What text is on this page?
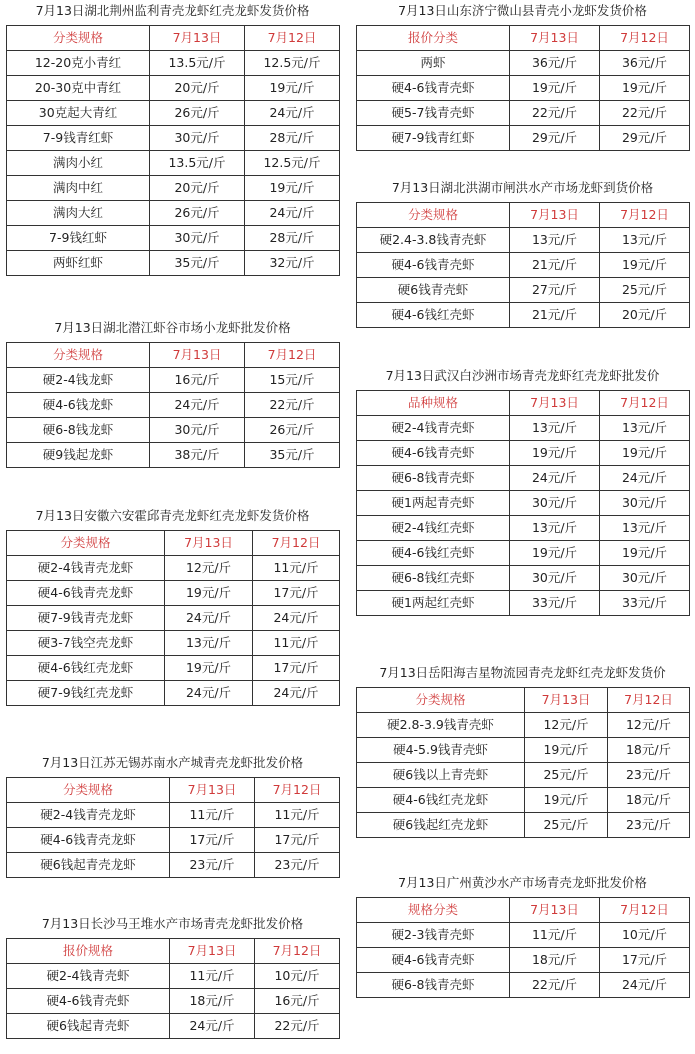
7月13日湖北荆州监利青壳龙虾红壳龙虾发货价格
分类规格	7月13日	7月12日
12-20克小青红	13.5元/斤	12.5元/斤
20-30克中青红	20元/斤	19元/斤
30克起大青红	26元/斤	24元/斤
7-9钱青红虾	30元/斤	28元/斤
满肉小红	13.5元/斤	12.5元/斤
满肉中红	20元/斤	19元/斤
满肉大红	26元/斤	24元/斤
7-9钱红虾	30元/斤	28元/斤
两虾红虾	35元/斤	32元/斤
7月13日湖北潜江虾谷市场小龙虾批发价格
分类规格	7月13日	7月12日
硬2-4钱龙虾	16元/斤	15元/斤
硬4-6钱龙虾	24元/斤	22元/斤
硬6-8钱龙虾	30元/斤	26元/斤
硬9钱起龙虾	38元/斤	35元/斤
7月13日安徽六安霍邱青壳龙虾红壳龙虾发货价格
分类规格	7月13日	7月12日
硬2-4钱青壳龙虾	12元/斤	11元/斤
硬4-6钱青壳龙虾	19元/斤	17元/斤
硬7-9钱青壳龙虾	24元/斤	24元/斤
硬3-7钱空壳龙虾	13元/斤	11元/斤
硬4-6钱红壳龙虾	19元/斤	17元/斤
硬7-9钱红壳龙虾	24元/斤	24元/斤
7月13日江苏无锡苏南水产城青壳龙虾批发价格
分类规格	7月13日	7月12日
硬2-4钱青壳龙虾	11元/斤	11元/斤
硬4-6钱青壳龙虾	17元/斤	17元/斤
硬6钱起青壳龙虾	23元/斤	23元/斤
7月13日长沙马王堆水产市场青壳龙虾批发价格
报价规格	7月13日	7月12日
硬2-4钱青壳虾	11元/斤	10元/斤
硬4-6钱青壳虾	18元/斤	16元/斤
硬6钱起青壳虾	24元/斤	22元/斤
7月13日山东济宁微山县青壳小龙虾发货价格
报价分类	7月13日	7月12日
两虾	36元/斤	36元/斤
硬4-6钱青壳虾	19元/斤	19元/斤
硬5-7钱青壳虾	22元/斤	22元/斤
硬7-9钱青红虾	29元/斤	29元/斤
7月13日湖北洪湖市闸洪水产市场龙虾到货价格
分类规格	7月13日	7月12日
硬2.4-3.8钱青壳虾	13元/斤	13元/斤
硬4-6钱青壳虾	21元/斤	19元/斤
硬6钱青壳虾	27元/斤	25元/斤
硬4-6钱红壳虾	21元/斤	20元/斤
7月13日武汉白沙洲市场青壳龙虾红壳龙虾批发价
品种规格	7月13日	7月12日
硬2-4钱青壳虾	13元/斤	13元/斤
硬4-6钱青壳虾	19元/斤	19元/斤
硬6-8钱青壳虾	24元/斤	24元/斤
硬1两起青壳虾	30元/斤	30元/斤
硬2-4钱红壳虾	13元/斤	13元/斤
硬4-6钱红壳虾	19元/斤	19元/斤
硬6-8钱红壳虾	30元/斤	30元/斤
硬1两起红壳虾	33元/斤	33元/斤
7月13日岳阳海吉星物流园青壳龙虾红壳龙虾发货价
分类规格	7月13日	7月12日
硬2.8-3.9钱青壳虾	12元/斤	12元/斤
硬4-5.9钱青壳虾	19元/斤	18元/斤
硬6钱以上青壳虾	25元/斤	23元/斤
硬4-6钱红壳龙虾	19元/斤	18元/斤
硬6钱起红壳龙虾	25元/斤	23元/斤
7月13日广州黄沙水产市场青壳龙虾批发价格
规格分类	7月13日	7月12日
硬2-3钱青壳虾	11元/斤	10元/斤
硬4-6钱青壳虾	18元/斤	17元/斤
硬6-8钱青壳虾	22元/斤	24元/斤
